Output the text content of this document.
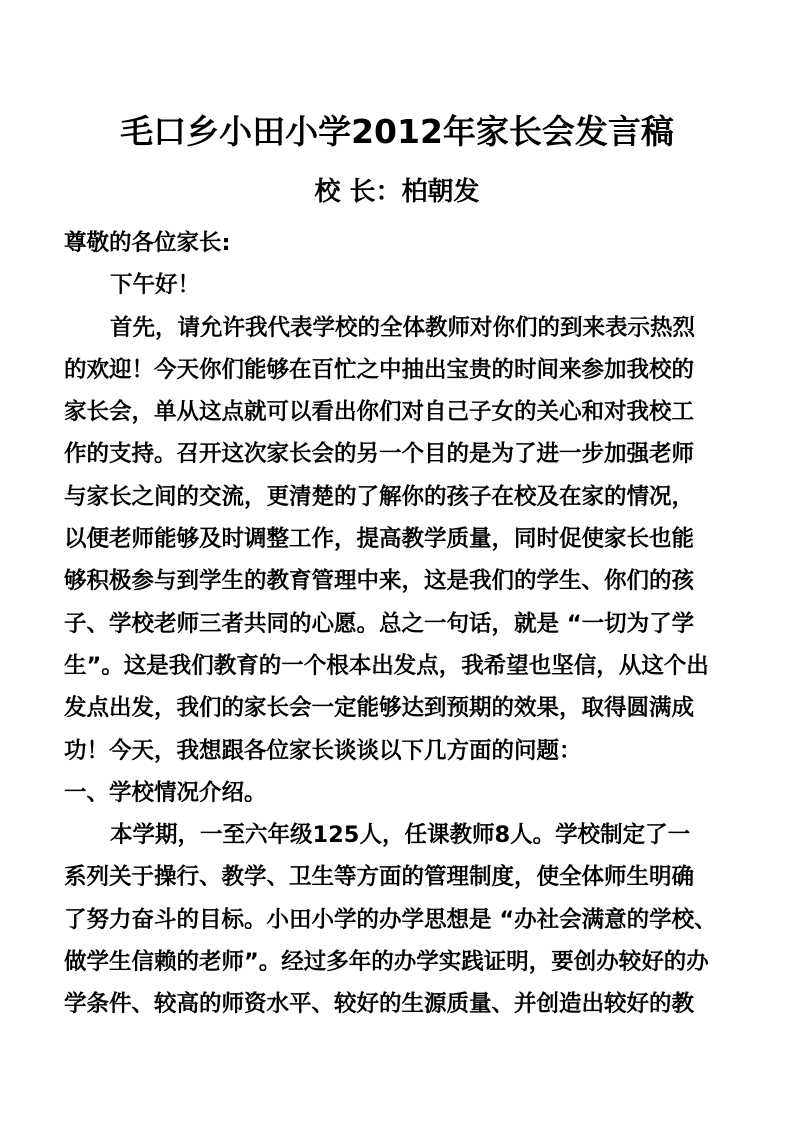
毛口乡小田小学2012年家长会发言稿
校 长：柏朝发
尊敬的各位家长:
下午好！
首先，请允许我代表学校的全体教师对你们的到来表示热烈
的欢迎！今天你们能够在百忙之中抽出宝贵的时间来参加我校的
家长会，单从这点就可以看出你们对自己子女的关心和对我校工
作的支持。召开这次家长会的另一个目的是为了进一步加强老师
与家长之间的交流，更清楚的了解你的孩子在校及在家的情况，
以便老师能够及时调整工作，提高教学质量，同时促使家长也能
够积极参与到学生的教育管理中来，这是我们的学生、你们的孩
子、学校老师三者共同的心愿。总之一句话，就是 “一切为了学
生”。这是我们教育的一个根本出发点，我希望也坚信，从这个出
发点出发，我们的家长会一定能够达到预期的效果，取得圆满成
功！今天，我想跟各位家长谈谈以下几方面的问题：
一、学校情况介绍。
本学期，一至六年级125人，任课教师8人。学校制定了一
系列关于操行、教学、卫生等方面的管理制度，使全体师生明确
了努力奋斗的目标。小田小学的办学思想是 “办社会满意的学校、
做学生信赖的老师”。经过多年的办学实践证明，要创办较好的办
学条件、较高的师资水平、较好的生源质量、并创造出较好的教
